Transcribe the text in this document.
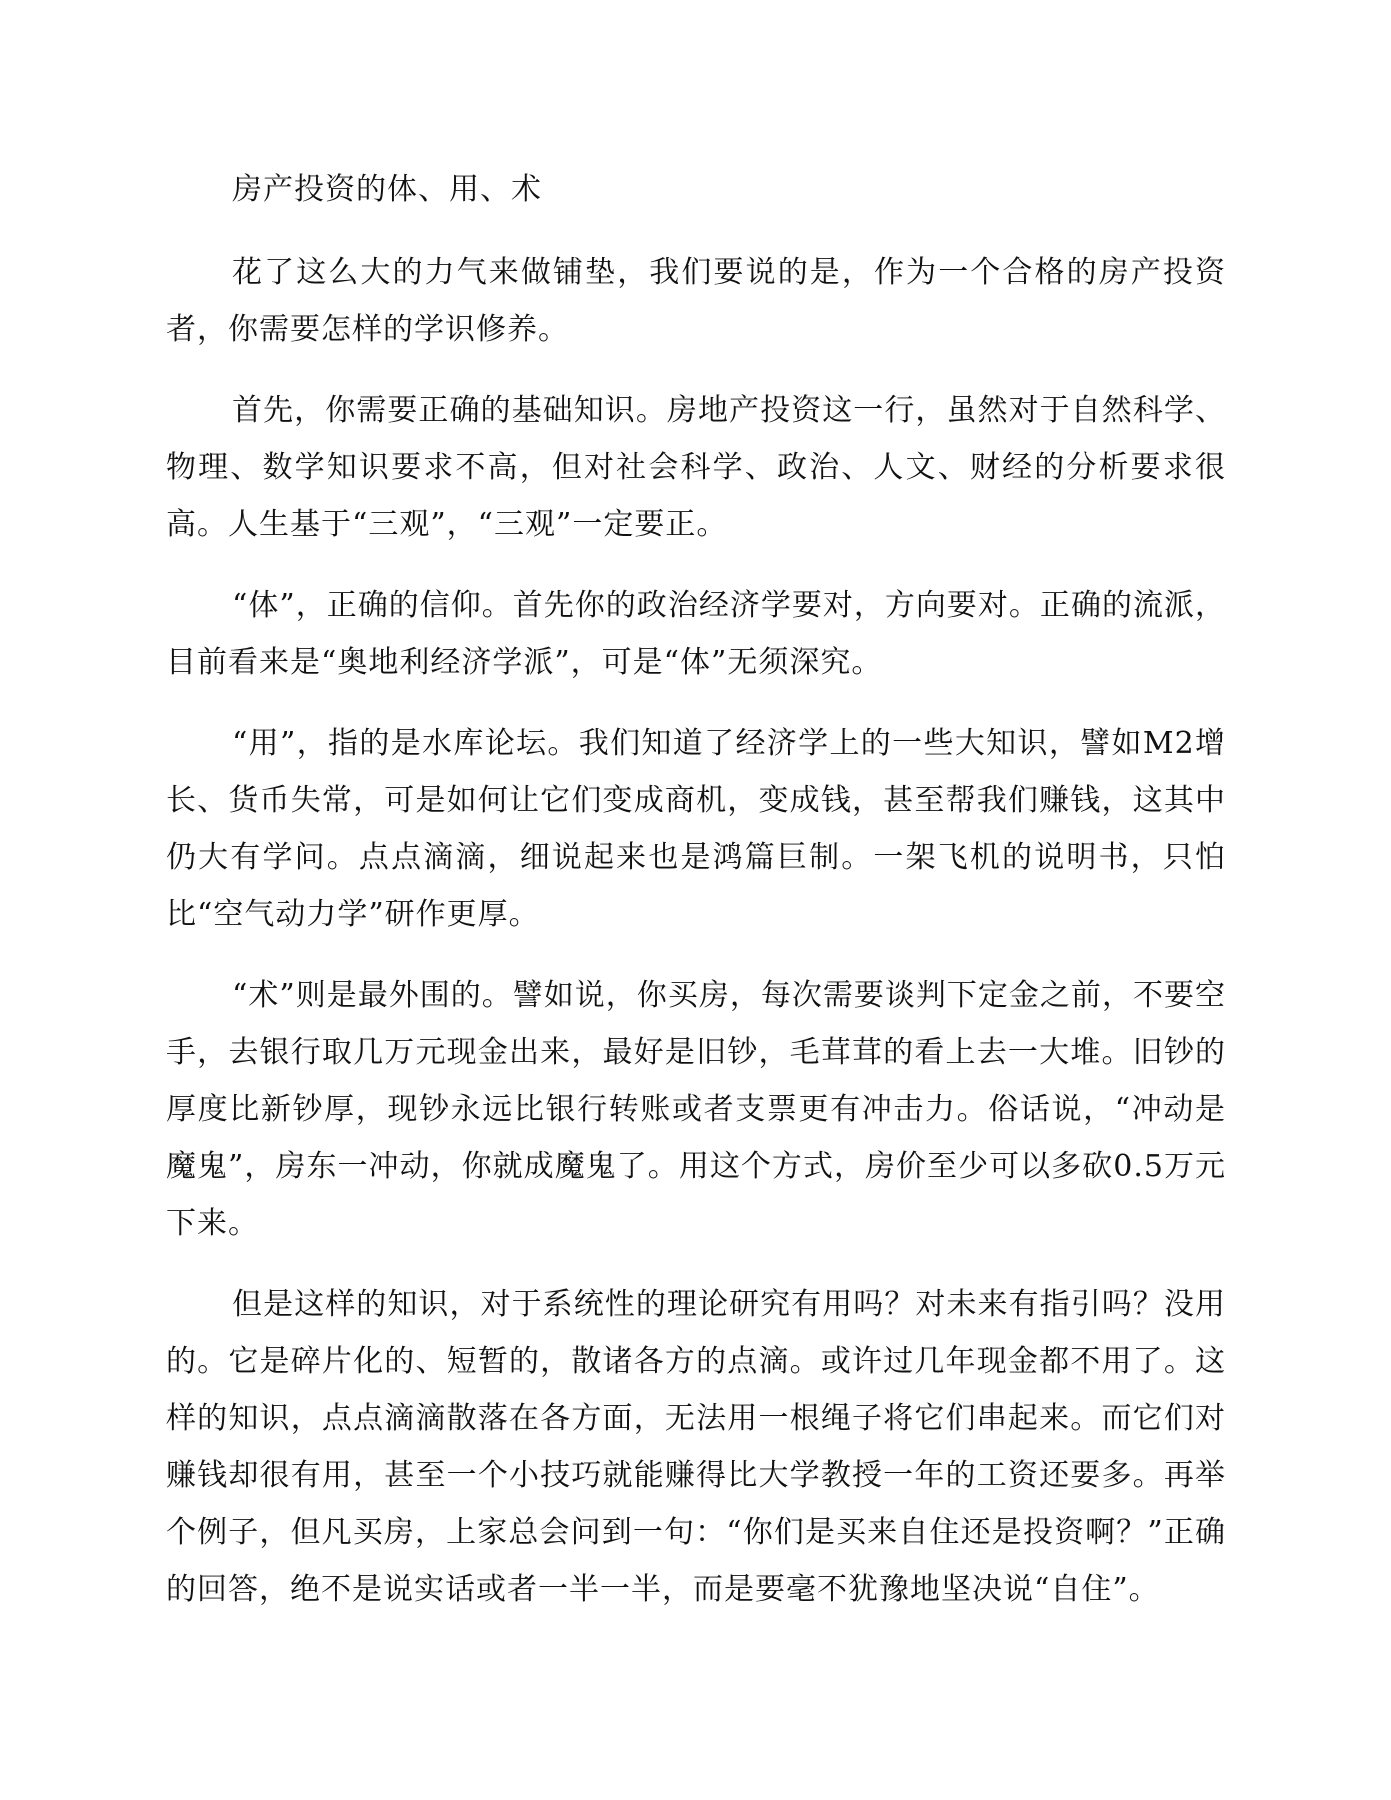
房产投资的体、用、术

花了这么大的力气来做铺垫，我们要说的是，作为一个合格的房产投资者，你需要怎样的学识修养。

首先，你需要正确的基础知识。房地产投资这一行，虽然对于自然科学、物理、数学知识要求不高，但对社会科学、政治、人文、财经的分析要求很高。人生基于“三观”，“三观”一定要正。

“体”，正确的信仰。首先你的政治经济学要对，方向要对。正确的流派，目前看来是“奥地利经济学派”，可是“体”无须深究。

“用”，指的是水库论坛。我们知道了经济学上的一些大知识，譬如M2增长、货币失常，可是如何让它们变成商机，变成钱，甚至帮我们赚钱，这其中仍大有学问。点点滴滴，细说起来也是鸿篇巨制。一架飞机的说明书，只怕比“空气动力学”研作更厚。

“术”则是最外围的。譬如说，你买房，每次需要谈判下定金之前，不要空手，去银行取几万元现金出来，最好是旧钞，毛茸茸的看上去一大堆。旧钞的厚度比新钞厚，现钞永远比银行转账或者支票更有冲击力。俗话说，“冲动是魔鬼”，房东一冲动，你就成魔鬼了。用这个方式，房价至少可以多砍0.5万元下来。

但是这样的知识，对于系统性的理论研究有用吗？对未来有指引吗？没用的。它是碎片化的、短暂的，散诸各方的点滴。或许过几年现金都不用了。这样的知识，点点滴滴散落在各方面，无法用一根绳子将它们串起来。而它们对赚钱却很有用，甚至一个小技巧就能赚得比大学教授一年的工资还要多。再举个例子，但凡买房，上家总会问到一句：“你们是买来自住还是投资啊？”正确的回答，绝不是说实话或者一半一半，而是要毫不犹豫地坚决说“自住”。
